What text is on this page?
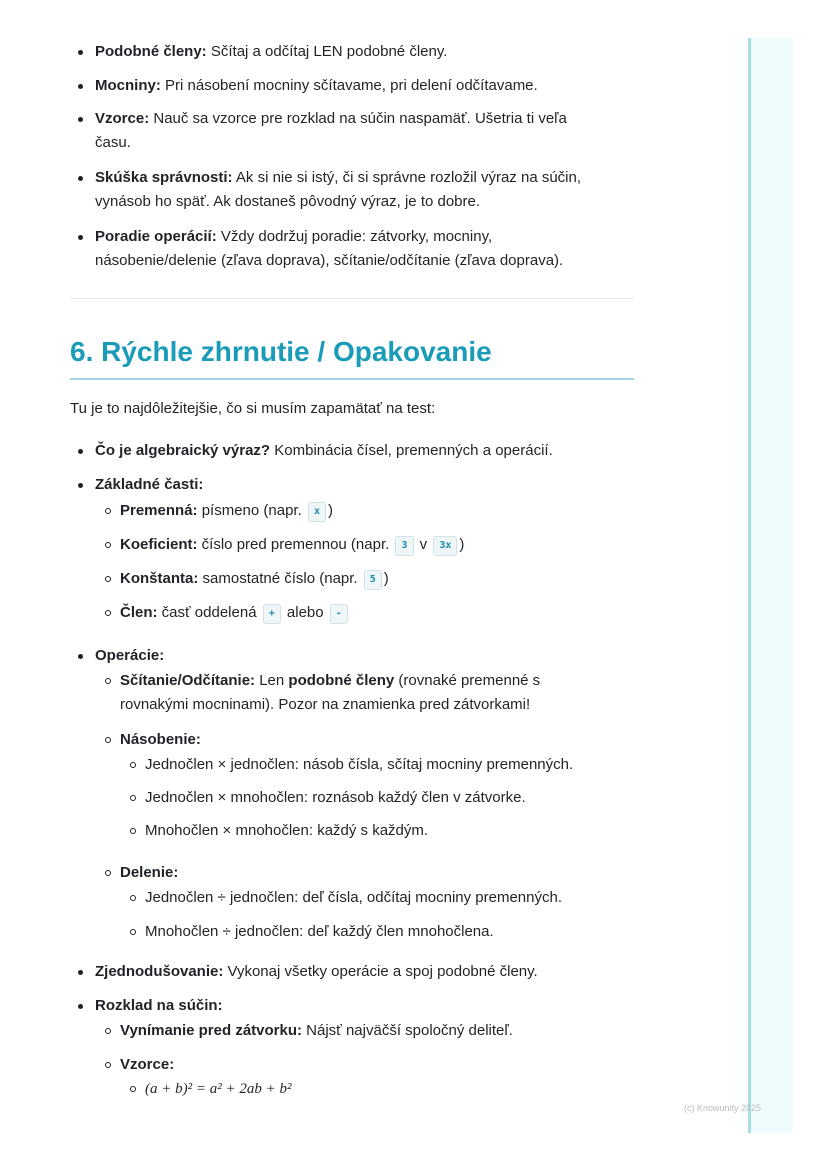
Podobné členy: Sčítaj a odčítaj LEN podobné členy.
Mocniny: Pri násobení mocniny sčítavame, pri delení odčítavame.
Vzorce: Nauč sa vzorce pre rozklad na súčin naspamäť. Ušetria ti veľa
času.
Skúška správnosti: Ak si nie si istý, či si správne rozložil výraz na súčin,
vynásob ho späť. Ak dostaneš pôvodný výraz, je to dobre.
Poradie operácií: Vždy dodržuj poradie: zátvorky, mocniny,
násobenie/delenie (zľava doprava), sčítanie/odčítanie (zľava doprava).
6. Rýchle zhrnutie / Opakovanie
Tu je to najdôležitejšie, čo si musím zapamätať na test:
Čo je algebraický výraz? Kombinácia čísel, premenných a operácií.
Základné časti:
Premenná: písmeno (napr. x )
Koeficient: číslo pred premennou (napr. 3 v 3x )
Konštanta: samostatné číslo (napr. 5 )
Člen: časť oddelená + alebo -
Operácie:
Sčítanie/Odčítanie: Len podobné členy (rovnaké premenné s
rovnakými mocninami). Pozor na znamienka pred zátvorkami!
Násobenie:
Jednočlen × jednočlen: násob čísla, sčítaj mocniny premenných.
Jednočlen × mnohočlen: roznásob každý člen v zátvorke.
Mnohočlen × mnohočlen: každý s každým.
Delenie:
Jednočlen ÷ jednočlen: deľ čísla, odčítaj mocniny premenných.
Mnohočlen ÷ jednočlen: deľ každý člen mnohočlena.
Zjednodušovanie: Vykonaj všetky operácie a spoj podobné členy.
Rozklad na súčin:
Vynímanie pred zátvorku: Nájsť najväčší spoločný deliteľ.
Vzorce:
(a + b)² = a² + 2ab + b²
(c) Knowunity 2025
